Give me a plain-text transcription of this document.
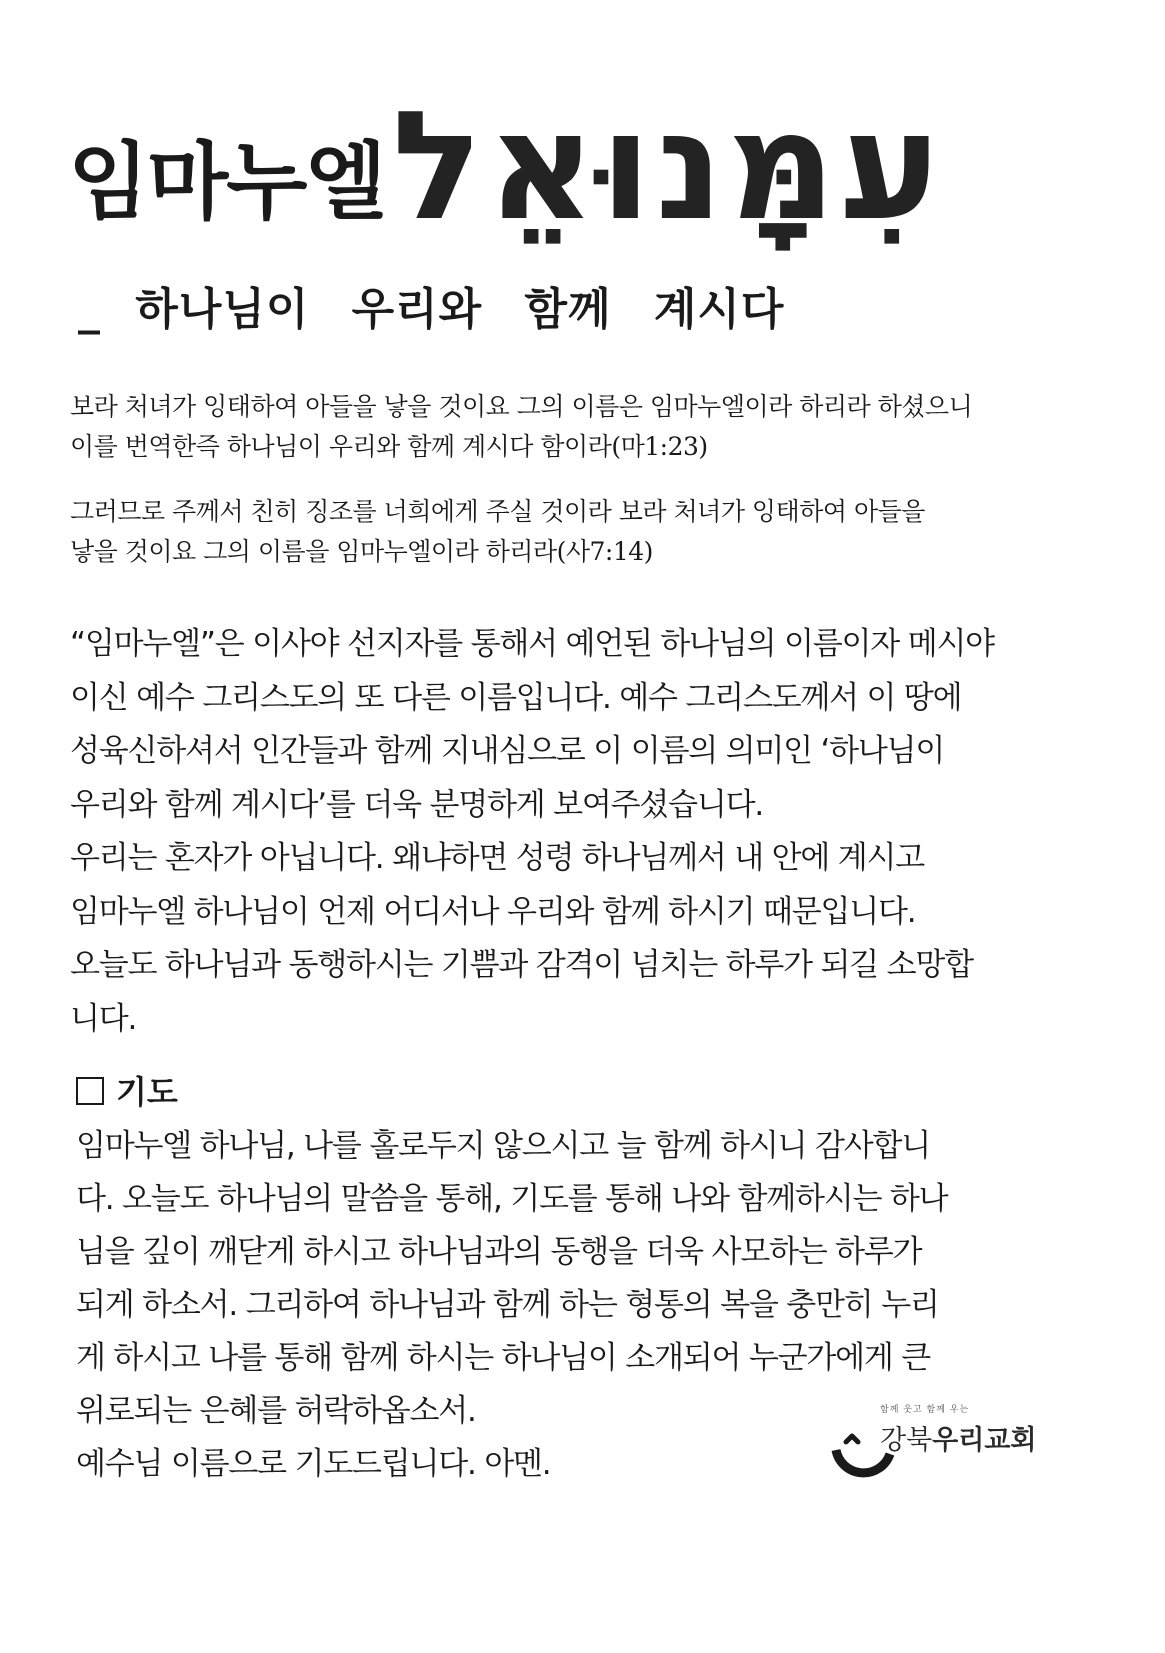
임마누엘 עִמָּנוּאֵל
_ 하나님이 우리와 함께 계시다
보라 처녀가 잉태하여 아들을 낳을 것이요 그의 이름은 임마누엘이라 하리라 하셨으니
이를 번역한즉 하나님이 우리와 함께 계시다 함이라(마1:23)
그러므로 주께서 친히 징조를 너희에게 주실 것이라 보라 처녀가 잉태하여 아들을
낳을 것이요 그의 이름을 임마누엘이라 하리라(사7:14)

“임마누엘”은 이사야 선지자를 통해서 예언된 하나님의 이름이자 메시야

이신 예수 그리스도의 또 다른 이름입니다. 예수 그리스도께서 이 땅에

성육신하셔서 인간들과 함께 지내심으로 이 이름의 의미인 ‘하나님이

우리와 함께 계시다’를 더욱 분명하게 보여주셨습니다.

우리는 혼자가 아닙니다. 왜냐하면 성령 하나님께서 내 안에 계시고

임마누엘 하나님이 언제 어디서나 우리와 함께 하시기 때문입니다.

오늘도 하나님과 동행하시는 기쁨과 감격이 넘치는 하루가 되길 소망합

니다.

기도

임마누엘 하나님, 나를 홀로두지 않으시고 늘 함께 하시니 감사합니

다. 오늘도 하나님의 말씀을 통해, 기도를 통해 나와 함께하시는 하나

님을 깊이 깨닫게 하시고 하나님과의 동행을 더욱 사모하는 하루가

되게 하소서. 그리하여 하나님과 함께 하는 형통의 복을 충만히 누리

게 하시고 나를 통해 함께 하시는 하나님이 소개되어 누군가에게 큰

위로되는 은혜를 허락하옵소서.

예수님 이름으로 기도드립니다. 아멘.

함께 웃고 함께 우는
강북우리교회
